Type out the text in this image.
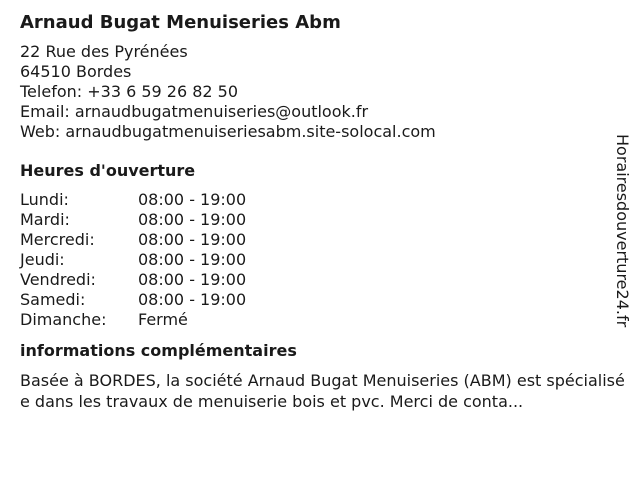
Arnaud Bugat Menuiseries Abm
22 Rue des Pyrénées
64510 Bordes
Telefon: +33 6 59 26 82 50
Email: arnaudbugatmenuiseries@outlook.fr
Web: arnaudbugatmenuiseriesabm.site-solocal.com
Heures d'ouverture
Lundi:	08:00 - 19:00
Mardi:	08:00 - 19:00
Mercredi:	08:00 - 19:00
Jeudi:	08:00 - 19:00
Vendredi:	08:00 - 19:00
Samedi:	08:00 - 19:00
Dimanche:	Fermé
informations complémentaires
Basée à BORDES, la société Arnaud Bugat Menuiseries (ABM) est spécialisée dans les travaux de menuiserie bois et pvc. Merci de conta...
Horairesdouverture24.fr
